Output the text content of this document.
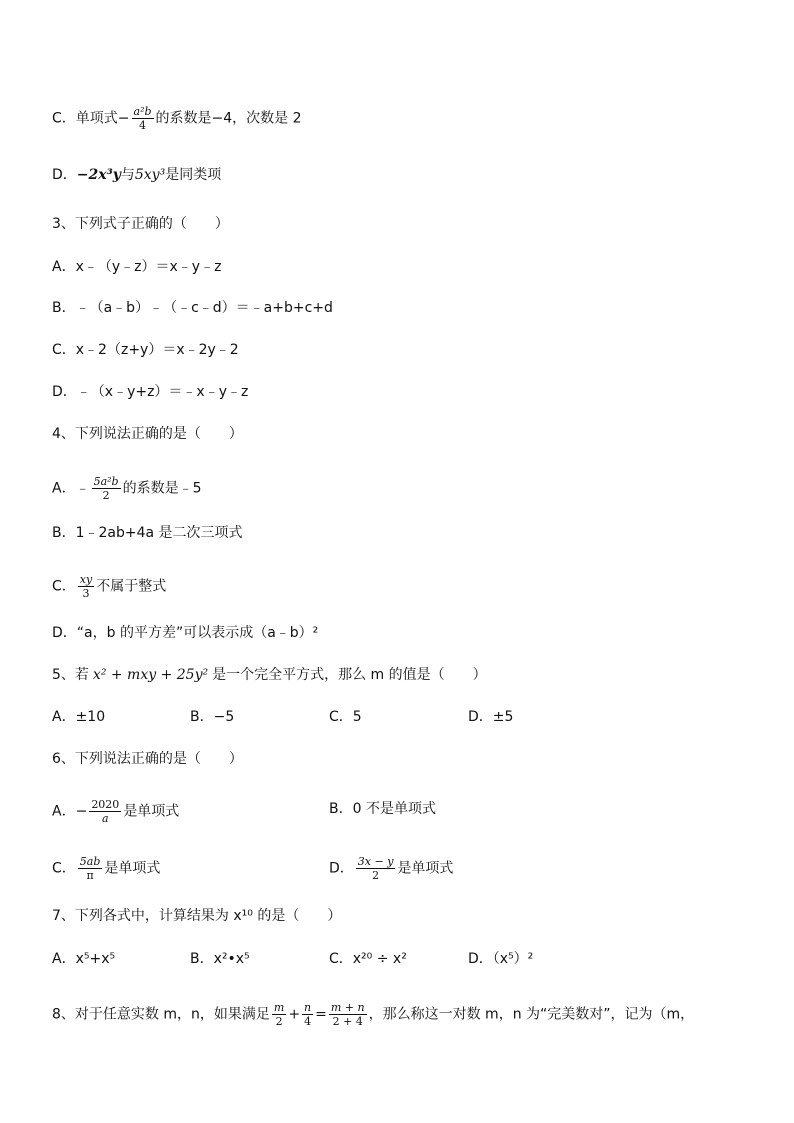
C．单项式− $\frac{\text{a²b}}{4}$ 的系数是−4，次数是 2
D．−2x³y与5xy³是同类项
3、下列式子正确的（　　）
A．x﹣（y﹣z）＝x﹣y﹣z
B．﹣（a﹣b）﹣（﹣c﹣d）＝﹣a+b+c+d
C．x﹣2（z+y）＝x﹣2y﹣2
D．﹣（x﹣y+z）＝﹣x﹣y﹣z
4、下列说法正确的是（　　）
A．﹣ $\frac{\text{5a²b}}{2}$ 的系数是﹣5
B．1﹣2ab+4a 是二次三项式
C． $\frac{xy}{3}$ 不属于整式
D．“a，b 的平方差”可以表示成（a﹣b）²
5、若 x² + mxy + 25y² 是一个完全平方式，那么 m 的值是（　　）
A．±10	B．−5	C．5	D．±5
6、下列说法正确的是（　　）
A．− $\frac{2020}{a}$ 是单项式	B．0 不是单项式
C． $\frac{5ab}{\pi}$ 是单项式	D． $\frac{3x - y}{2}$ 是单项式
7、下列各式中，计算结果为 x¹⁰ 的是（　　）
A．x⁵+x⁵	B．x²•x⁵	C．x²⁰ ÷ x²	D．（x⁵）²
8、对于任意实数 m，n，如果满足 $\frac{m}{2} + \frac{n}{4} = \frac{m + n}{2 + 4}$ ，那么称这一对数 m，n 为“完美数对”，记为（m，
